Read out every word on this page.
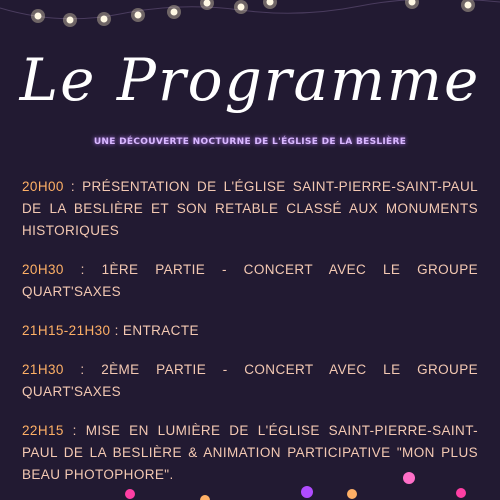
Le Programme
UNE DÉCOUVERTE NOCTURNE DE L'ÉGLISE DE LA BESLIÈRE

20H00 : PRÉSENTATION DE L'ÉGLISE SAINT-PIERRE-SAINT-PAUL DE LA BESLIÈRE ET SON RETABLE CLASSÉ AUX MONUMENTS HISTORIQUES

20H30 : 1ÈRE PARTIE - CONCERT AVEC LE GROUPE QUART'SAXES

21H15-21H30 : ENTRACTE

21H30 : 2ÈME PARTIE - CONCERT AVEC LE GROUPE QUART'SAXES

22H15 : MISE EN LUMIÈRE DE L'ÉGLISE SAINT-PIERRE-SAINT-PAUL DE LA BESLIÈRE & ANIMATION PARTICIPATIVE "MON PLUS BEAU PHOTOPHORE".
